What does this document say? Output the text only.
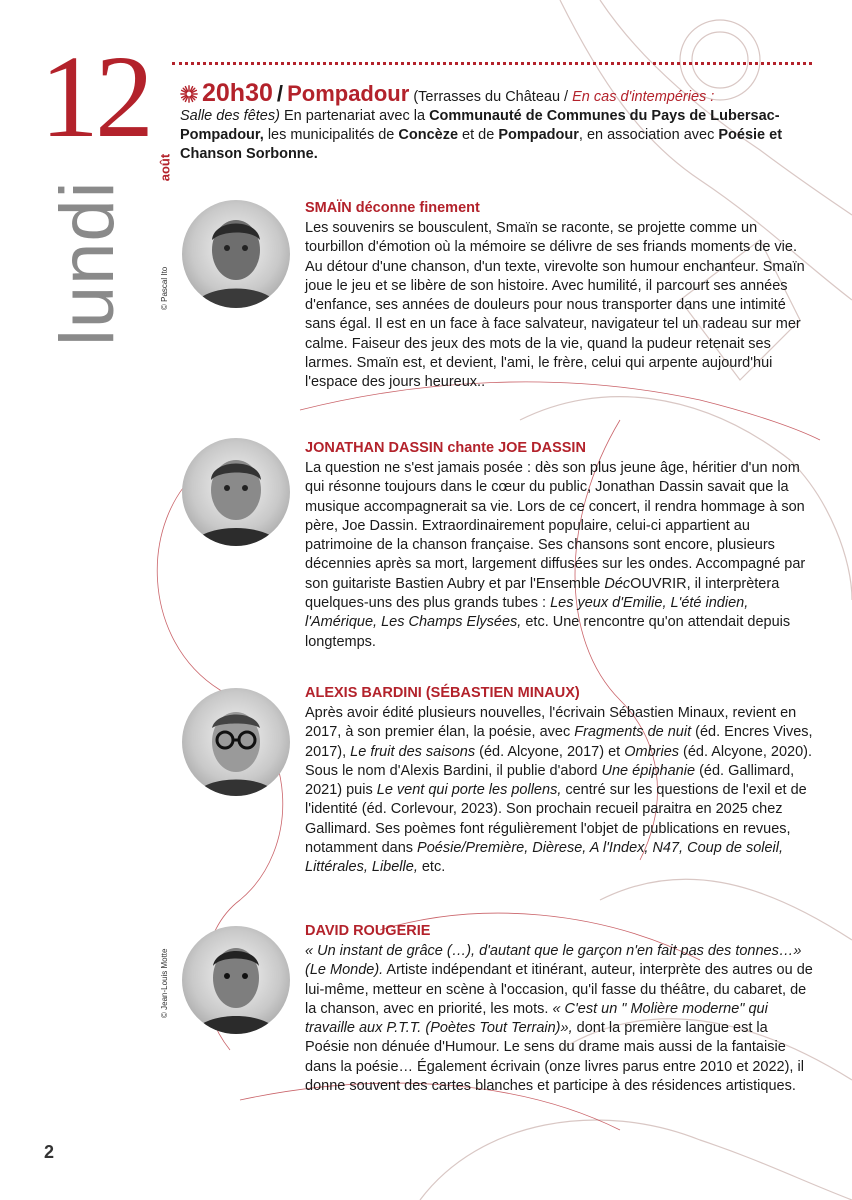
12
août
lundi
20h30 / Pompadour (Terrasses du Château / En cas d'intempéries :
Salle des fêtes) En partenariat avec la Communauté de Communes du Pays de Lubersac-Pompadour, les municipalités de Concèze et de Pompadour, en association avec Poésie et Chanson Sorbonne.
© Pascal Ito
© Jean-Louis Motte
SMAÏN déconne finement

Les souvenirs se bousculent, Smaïn se raconte, se projette comme un tourbillon d'émotion où la mémoire se délivre de ses friands moments de vie. Au détour d'une chanson, d'un texte, virevolte son humour enchanteur. Smaïn joue le jeu et se libère de son histoire. Avec humilité, il parcourt ses années d'enfance, ses années de douleurs pour nous transporter dans une intimité sans égal. Il est en un face à face salvateur, navigateur tel un radeau sur mer calme. Faiseur des jeux des mots de la vie, quand la pudeur retenait ses larmes. Smaïn est, et devient, l'ami, le frère, celui qui arpente aujourd'hui l'espace des jours heureux..

JONATHAN DASSIN chante JOE DASSIN

La question ne s'est jamais posée : dès son plus jeune âge, héritier d'un nom qui résonne toujours dans le cœur du public, Jonathan Dassin savait que la musique accompagnerait sa vie. Lors de ce concert, il rendra hommage à son père, Joe Dassin. Extraordinairement populaire, celui-ci appartient au patrimoine de la chanson française. Ses chansons sont encore, plusieurs décennies après sa mort, largement diffusées sur les ondes. Accompagné par son guitariste Bastien Aubry et par l'Ensemble DécOUVRIR, il interprètera quelques-uns des plus grands tubes : Les yeux d'Emilie, L'été indien, l'Amérique, Les Champs Elysées, etc. Une rencontre qu'on attendait depuis longtemps.

ALEXIS BARDINI (SÉBASTIEN MINAUX)

Après avoir édité plusieurs nouvelles, l'écrivain Sébastien Minaux, revient en 2017, à son premier élan, la poésie, avec Fragments de nuit (éd. Encres Vives, 2017), Le fruit des saisons (éd. Alcyone, 2017) et Ombries (éd. Alcyone, 2020). Sous le nom d'Alexis Bardini, il publie d'abord Une épiphanie (éd. Gallimard, 2021) puis Le vent qui porte les pollens, centré sur les questions de l'exil et de l'identité (éd. Corlevour, 2023). Son prochain recueil paraitra en 2025 chez Gallimard. Ses poèmes font régulièrement l'objet de publications en revues, notamment dans Poésie/Première, Dièrese, A l'Index, N47, Coup de soleil, Littérales, Libelle, etc.

DAVID ROUGERIE

« Un instant de grâce (…), d'autant que le garçon n'en fait pas des tonnes…» (Le Monde). Artiste indépendant et itinérant, auteur, interprète des autres ou de lui-même, metteur en scène à l'occasion, qu'il fasse du théâtre, du cabaret, de la chanson, avec en priorité, les mots. « C'est un " Molière moderne" qui travaille aux P.T.T. (Poètes Tout Terrain)», dont la première langue est la Poésie non dénuée d'Humour. Le sens du drame mais aussi de la fantaisie dans la poésie… Également écrivain (onze livres parus entre 2010 et 2022), il donne souvent des cartes blanches et participe à des résidences artistiques.

2
